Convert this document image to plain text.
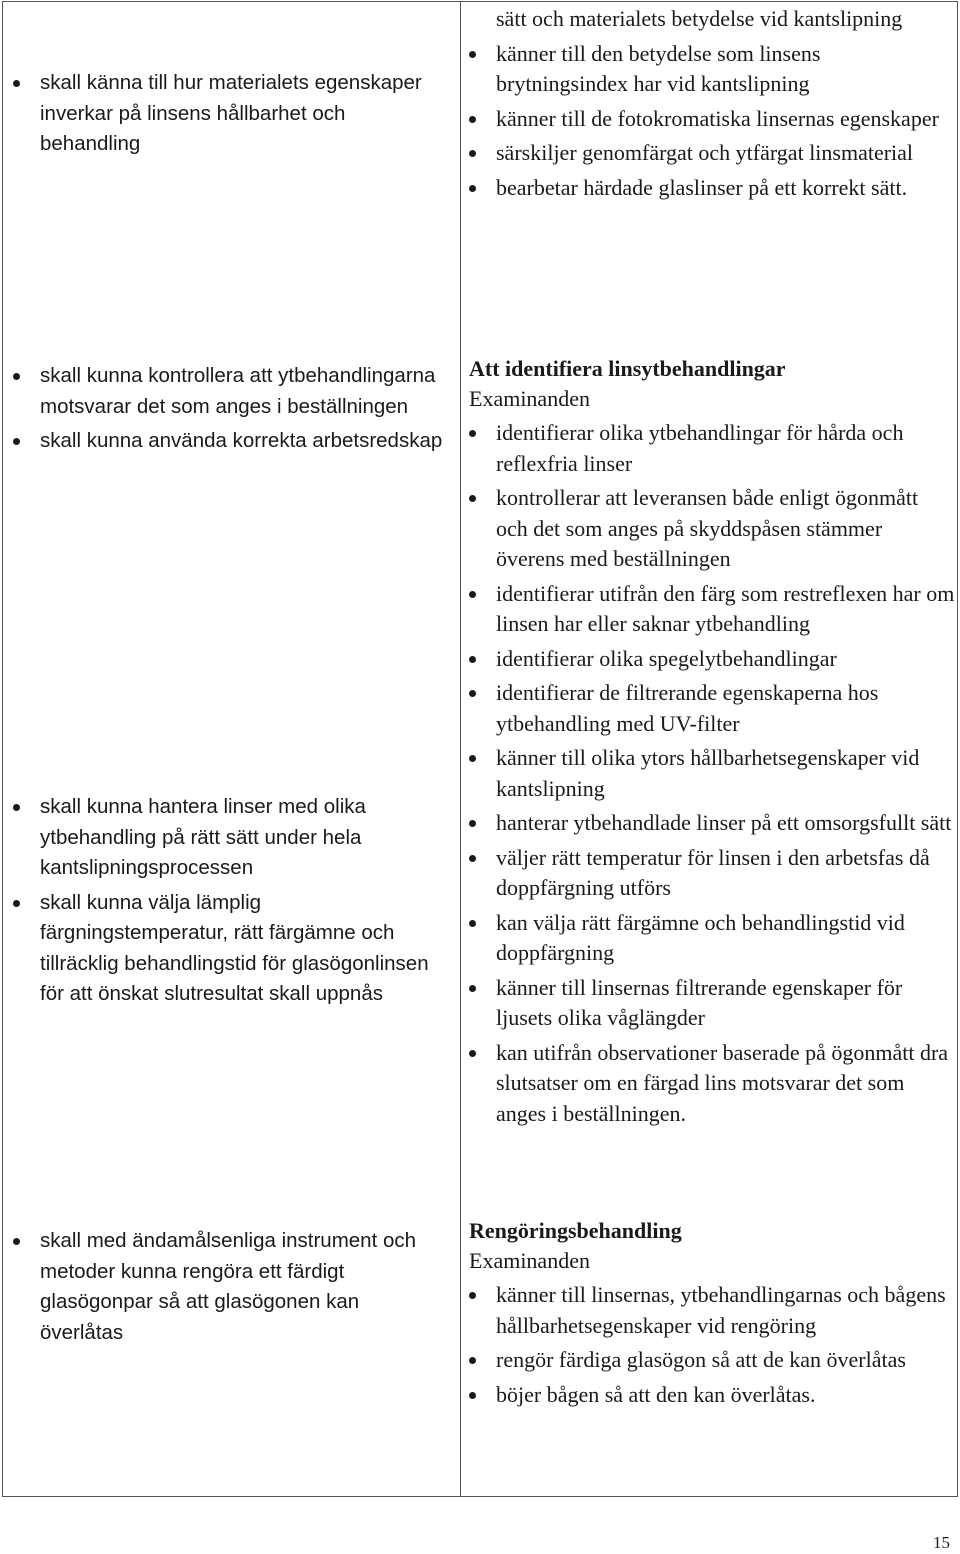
skall känna till hur materialets egenskaper inverkar på linsens hållbarhet och behandling
skall kunna kontrollera att ytbehandlingarna motsvarar det som anges i beställningen
skall kunna använda korrekta arbetsredskap
skall kunna hantera linser med olika ytbehandling på rätt sätt under hela kantslipningsprocessen
skall kunna välja lämplig färgningstemperatur, rätt färgämne och tillräcklig behandlingstid för glasögonlinsen för att önskat slutresultat skall uppnås
skall med ändamålsenliga instrument och metoder kunna rengöra ett färdigt glasögonpar så att glasögonen kan överlåtas
sätt och materialets betydelse vid kantslipning
känner till den betydelse som linsens brytningsindex har vid kantslipning
känner till de fotokromatiska linsernas egenskaper
särskiljer genomfärgat och ytfärgat linsmaterial
bearbetar härdade glaslinser på ett korrekt sätt.
Att identifiera linsytbehandlingar
Examinanden
identifierar olika ytbehandlingar för hårda och reflexfria linser
kontrollerar att leveransen både enligt ögonmått och det som anges på skyddspåsen stämmer överens med beställningen
identifierar utifrån den färg som restreflexen har om linsen har eller saknar ytbehandling
identifierar olika spegelytbehandlingar
identifierar de filtrerande egenskaperna hos ytbehandling med UV-filter
känner till olika ytors hållbarhetsegenskaper vid kantslipning
hanterar ytbehandlade linser på ett omsorgsfullt sätt
väljer rätt temperatur för linsen i den arbetsfas då doppfärgning utförs
kan välja rätt färgämne och behandlingstid vid doppfärgning
känner till linsernas filtrerande egenskaper för ljusets olika våglängder
kan utifrån observationer baserade på ögonmått dra slutsatser om en färgad lins motsvarar det som anges i beställningen.
Rengöringsbehandling
Examinanden
känner till linsernas, ytbehandlingarnas och bågens hållbarhetsegenskaper vid rengöring
rengör färdiga glasögon så att de kan överlåtas
böjer bågen så att den kan överlåtas.
15
